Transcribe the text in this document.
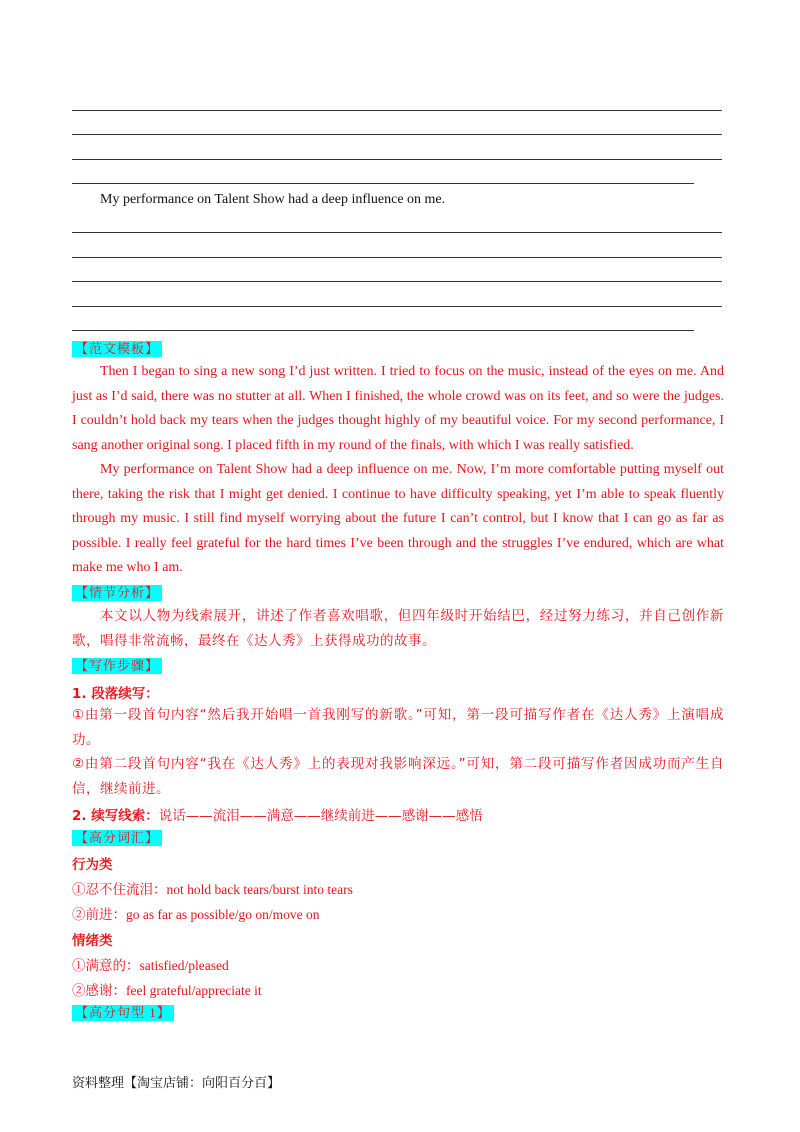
My performance on Talent Show had a deep influence on me.
【范文模板】

Then I began to sing a new song I’d just written. I tried to focus on the music, instead of the eyes on me. And just as I’d said, there was no stutter at all. When I finished, the whole crowd was on its feet, and so were the judges. I couldn’t hold back my tears when the judges thought highly of my beautiful voice. For my second performance, I sang another original song. I placed fifth in my round of the finals, with which I was really satisfied.

My performance on Talent Show had a deep influence on me. Now, I’m more comfortable putting myself out there, taking the risk that I might get denied. I continue to have difficulty speaking, yet I’m able to speak fluently through my music. I still find myself worrying about the future I can’t control, but I know that I can go as far as possible. I really feel grateful for the hard times I’ve been through and the struggles I’ve endured, which are what make me who I am.

【情节分析】

本文以人物为线索展开，讲述了作者喜欢唱歌，但四年级时开始结巴，经过努力练习，并自己创作新歌，唱得非常流畅，最终在《达人秀》上获得成功的故事。

【写作步骤】
1. 段落续写：

①由第一段首句内容“然后我开始唱一首我刚写的新歌。”可知，第一段可描写作者在《达人秀》上演唱成功。

②由第二段首句内容“我在《达人秀》上的表现对我影响深远。”可知，第二段可描写作者因成功而产生自信，继续前进。

2. 续写线索：说话——流泪——满意——继续前进——感谢——感悟
【高分词汇】
行为类
①忍不住流泪：not hold back tears/burst into tears
②前进：go as far as possible/go on/move on
情绪类
①满意的：satisfied/pleased
②感谢：feel grateful/appreciate it
【高分句型 1】
资料整理【淘宝店铺：向阳百分百】
